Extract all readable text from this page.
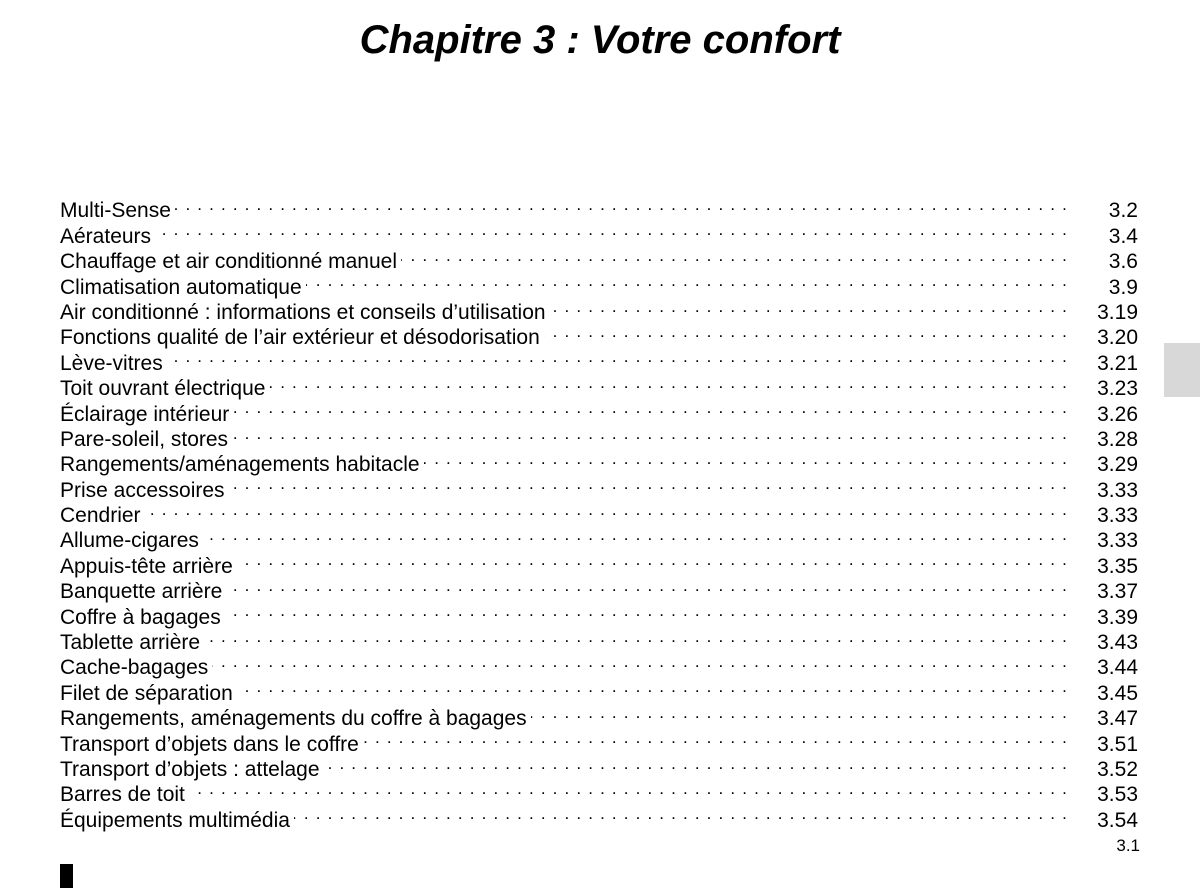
Chapitre 3 : Votre confort
Multi-Sense . . .	3.2
Aérateurs . . .	3.4
Chauffage et air conditionné manuel . . .	3.6
Climatisation automatique . . .	3.9
Air conditionné : informations et conseils d’utilisation . . .	3.19
Fonctions qualité de l’air extérieur et désodorisation . . .	3.20
Lève-vitres . . .	3.21
Toit ouvrant électrique . . .	3.23
Éclairage intérieur . . .	3.26
Pare-soleil, stores . . .	3.28
Rangements/aménagements habitacle . . .	3.29
Prise accessoires . . .	3.33
Cendrier . . .	3.33
Allume-cigares . . .	3.33
Appuis-tête arrière . . .	3.35
Banquette arrière . . .	3.37
Coffre à bagages . . .	3.39
Tablette arrière . . .	3.43
Cache-bagages . . .	3.44
Filet de séparation . . .	3.45
Rangements, aménagements du coffre à bagages . . .	3.47
Transport d’objets dans le coffre . . .	3.51
Transport d’objets : attelage . . .	3.52
Barres de toit . . .	3.53
Équipements multimédia . . .	3.54
3.1
